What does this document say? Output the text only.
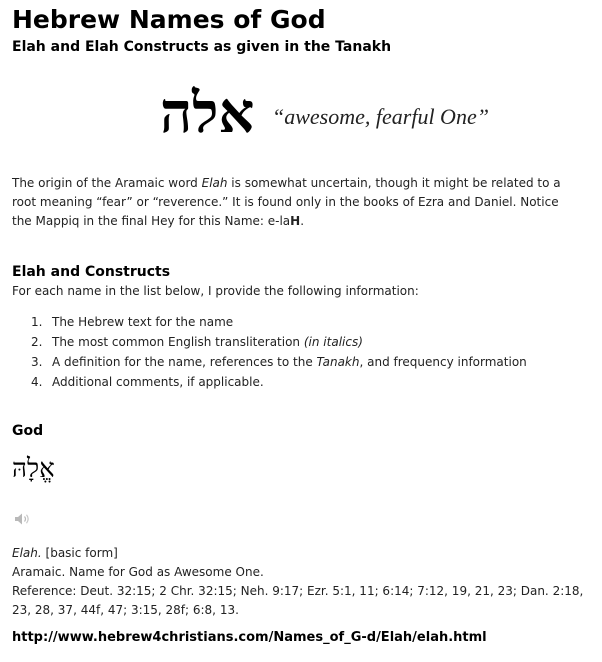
Hebrew Names of God
Elah and Elah Constructs as given in the Tanakh
אלה “awesome, fearful One”

The origin of the Aramaic word Elah is somewhat uncertain, though it might be related to a root meaning “fear” or “reverence.” It is found only in the books of Ezra and Daniel. Notice the Mappiq in the final Hey for this Name: e-laH.

Elah and Constructs

For each name in the list below, I provide the following information:

1. The Hebrew text for the name
2. The most common English transliteration (in italics)
3. A definition for the name, references to the Tanakh, and frequency information
4. Additional comments, if applicable.
God
אֱלָהּ

Elah. [basic form]

Aramaic. Name for God as Awesome One.

Reference: Deut. 32:15; 2 Chr. 32:15; Neh. 9:17; Ezr. 5:1, 11; 6:14; 7:12, 19, 21, 23; Dan. 2:18, 23, 28, 37, 44f, 47; 3:15, 28f; 6:8, 13.

http://www.hebrew4christians.com/Names_of_G-d/Elah/elah.html
